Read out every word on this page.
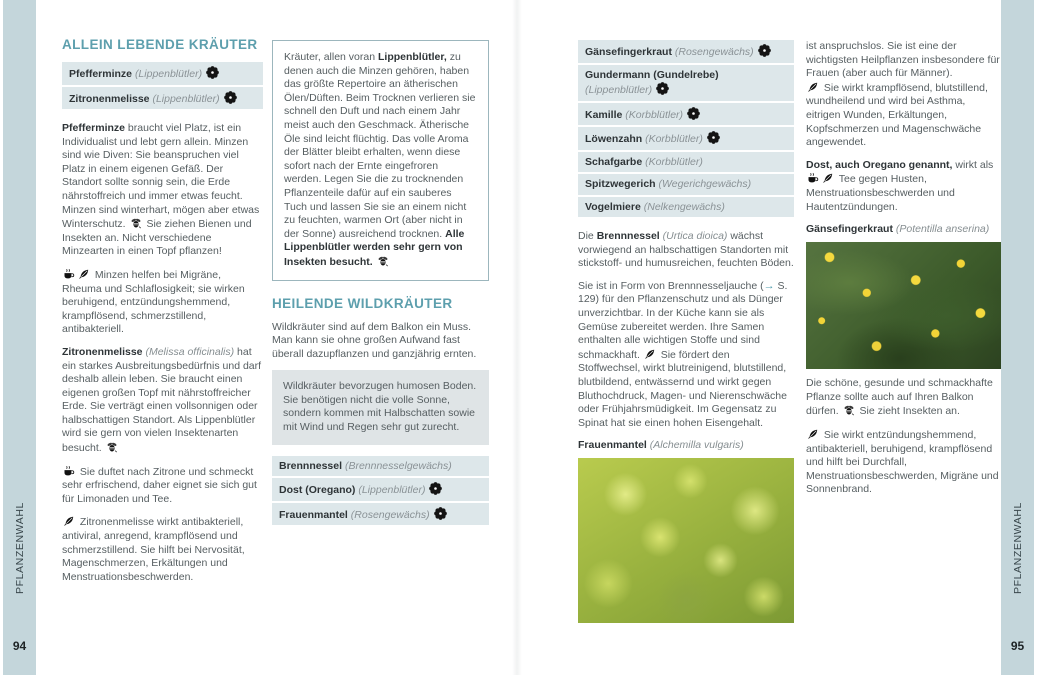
PFLANZENWAHL
94
ALLEIN LEBENDE KRÄUTER
Pfefferminze (Lippenblütler)
Zitronenmelisse (Lippenblütler)
Pfefferminze braucht viel Platz, ist ein Individualist und lebt gern allein. Minzen sind wie Diven: Sie beanspruchen viel Platz in einem eigenen Gefäß. Der Standort sollte sonnig sein, die Erde nährstoffreich und immer etwas feucht. Minzen sind winterhart, mögen aber etwas Winterschutz.
Sie ziehen Bienen und Insekten an. Nicht verschiedene Minzearten in einen Topf pflanzen!
Minzen helfen bei Migräne, Rheuma und Schlaflosigkeit; sie wirken beruhigend, entzündungshemmend, krampflösend, schmerzstillend, antibakteriell.
Zitronenmelisse (Melissa officinalis) hat ein starkes Ausbreitungsbedürfnis und darf deshalb allein leben. Sie braucht einen eigenen großen Topf mit nährstoffreicher Erde. Sie verträgt einen vollsonnigen oder halbschattigen Standort. Als Lippenblütler wird sie gern von vielen Insektenarten besucht.
Sie duftet nach Zitrone und schmeckt sehr erfrischend, daher eignet sie sich gut für Limonaden und Tee.
Zitronenmelisse wirkt antibakteriell, antiviral, anregend, krampflösend und schmerzstillend. Sie hilft bei Nervosität, Magenschmerzen, Erkältungen und Menstruationsbeschwerden.
Kräuter, allen voran Lippenblütler, zu denen auch die Minzen gehören, haben das größte Repertoire an ätherischen Ölen/Düften. Beim Trocknen verlieren sie schnell den Duft und nach einem Jahr meist auch den Geschmack. Ätherische Öle sind leicht flüchtig. Das volle Aroma der Blätter bleibt erhalten, wenn diese sofort nach der Ernte eingefroren werden. Legen Sie die zu trocknenden Pflanzenteile dafür auf ein sauberes Tuch und lassen Sie sie an einem nicht zu feuchten, warmen Ort (aber nicht in der Sonne) ausreichend trocknen. Alle Lippenblütler werden sehr gern von Insekten besucht.
HEILENDE WILDKRÄUTER
Wildkräuter sind auf dem Balkon ein Muss. Man kann sie ohne großen Aufwand fast überall dazupflanzen und ganzjährig ernten.
Wildkräuter bevorzugen humosen Boden. Sie benötigen nicht die volle Sonne, sondern kommen mit Halbschatten sowie mit Wind und Regen sehr gut zurecht.
Brennnessel (Brennnesselgewächs)
Dost (Oregano) (Lippenblütler)
Frauenmantel (Rosengewächs)
Gänsefingerkraut (Rosengewächs)
Gundermann (Gundelrebe)
(Lippenblütler)
Kamille (Korbblütler)
Löwenzahn (Korbblütler)
Schafgarbe (Korbblütler)
Spitzwegerich (Wegerichgewächs)
Vogelmiere (Nelkengewächs)
Die Brennnessel (Urtica dioica) wächst vorwiegend an halbschattigen Standorten mit stickstoff- und humusreichen, feuchten Böden.
Sie ist in Form von Brennnesseljauche (→ S. 129) für den Pflanzenschutz und als Dünger unverzichtbar. In der Küche kann sie als Gemüse zubereitet werden. Ihre Samen enthalten alle wichtigen Stoffe und sind schmackhaft.
Sie fördert den Stoffwechsel, wirkt blutreinigend, blutstillend, blutbildend, entwässernd und wirkt gegen Bluthochdruck, Magen- und Nierenschwäche oder Frühjahrsmüdigkeit. Im Gegensatz zu Spinat hat sie einen hohen Eisengehalt.
Frauenmantel (Alchemilla vulgaris)
ist anspruchslos. Sie ist eine der wichtigsten Heilpflanzen insbesondere für Frauen (aber auch für Männer).

Sie wirkt krampflösend, blutstillend, wundheilend und wird bei Asthma, eitrigen Wunden, Erkältungen, Kopfschmerzen und Magenschwäche angewendet.
Dost, auch Oregano genannt, wirkt als
Tee gegen Husten, Menstruationsbeschwerden und Hautentzündungen.
Gänsefingerkraut (Potentilla anserina)
Die schöne, gesunde und schmackhafte Pflanze sollte auch auf Ihren Balkon dürfen.
Sie zieht Insekten an.
Sie wirkt entzündungshemmend, antibakteriell, beruhigend, krampflösend und hilft bei Durchfall, Menstruationsbeschwerden, Migräne und Sonnenbrand.
PFLANZENWAHL
95
